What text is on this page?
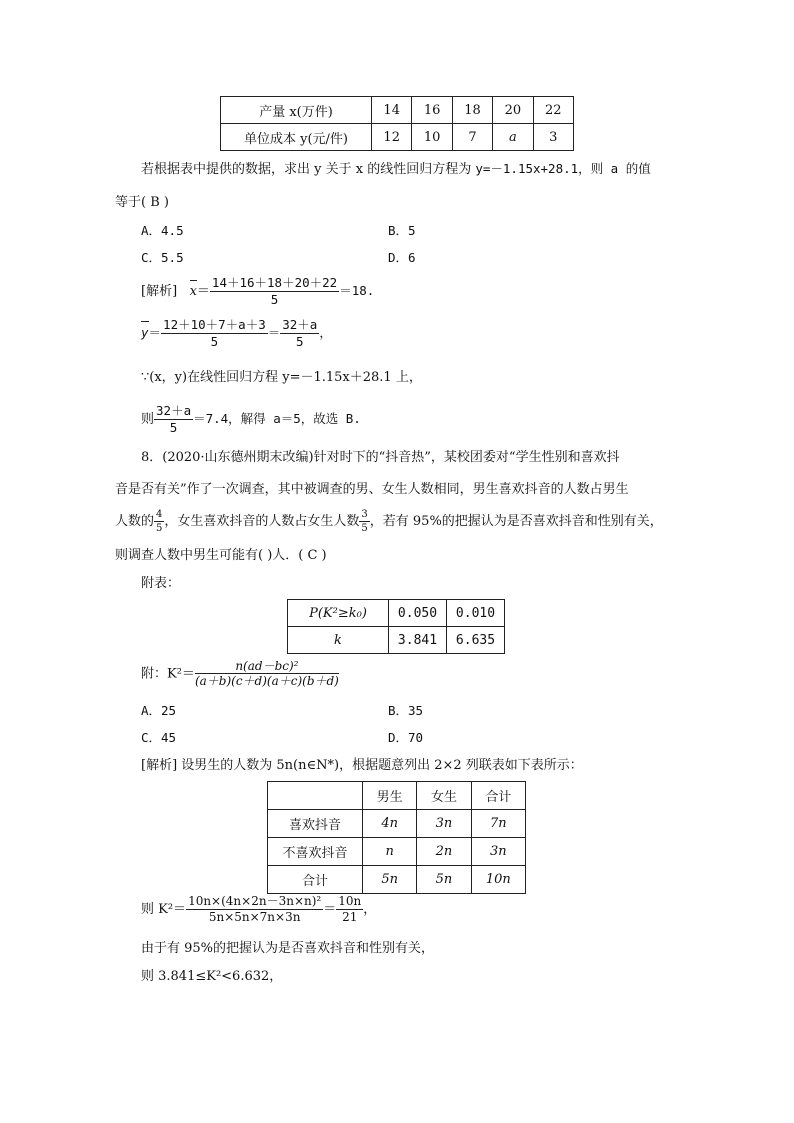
产量 x(万件)	14	16	18	20	22
单位成本 y(元/件)	12	10	7	a	3
若根据表中提供的数据，求出 y 关于 x 的线性回归方程为 y=－1.15x+28.1，则 a 的值
等于( B )
A．4.5	B．5
C．5.5	D．6
[解析] $x= \frac{14+16+18+20+22}{5} =18$.
$y= \frac{12+10+7+a+3}{5} = \frac{32+a}{5}$ ，
∵(x，y)在线性回归方程 y=－1.15x＋28.1 上，
则 $\frac{32+a}{5} =7.4$，解得 a＝5，故选 B.
8．(2020·山东德州期末改编)针对时下的“抖音热”，某校团委对“学生性别和喜欢抖
音是否有关”作了一次调查，其中被调查的男、女生人数相同，男生喜欢抖音的人数占男生
人数的 $\frac{4}{5}$ ，女生喜欢抖音的人数占女生人数 $\frac{3}{5}$ ，若有 95%的把握认为是否喜欢抖音和性别有关，
则调查人数中男生可能有( )人．( C )
附表：
P(K²≥k₀)	0.050	0.010
k	3.841	6.635
附：$K^2= \frac{\text{n(ad－bc)²}}{(a+b)(c+d)(a+c)(b+d)}$
A．25	B．35
C．45	D．70
[解析] 设男生的人数为 5n(n∈N*)，根据题意列出 2×2 列联表如下表所示：
	男生	女生	合计
喜欢抖音	4n	3n	7n
不喜欢抖音	n	2n	3n
合计	5n	5n	10n
则 $K^2= \frac{\text{10n×(4n×2n－3n×n)²}}{5n\times 5n\times 7n\times 3n} = \frac{10n}{21}$ ，
由于有 95%的把握认为是否喜欢抖音和性别有关，
则 3.841≤K²<6.632，
